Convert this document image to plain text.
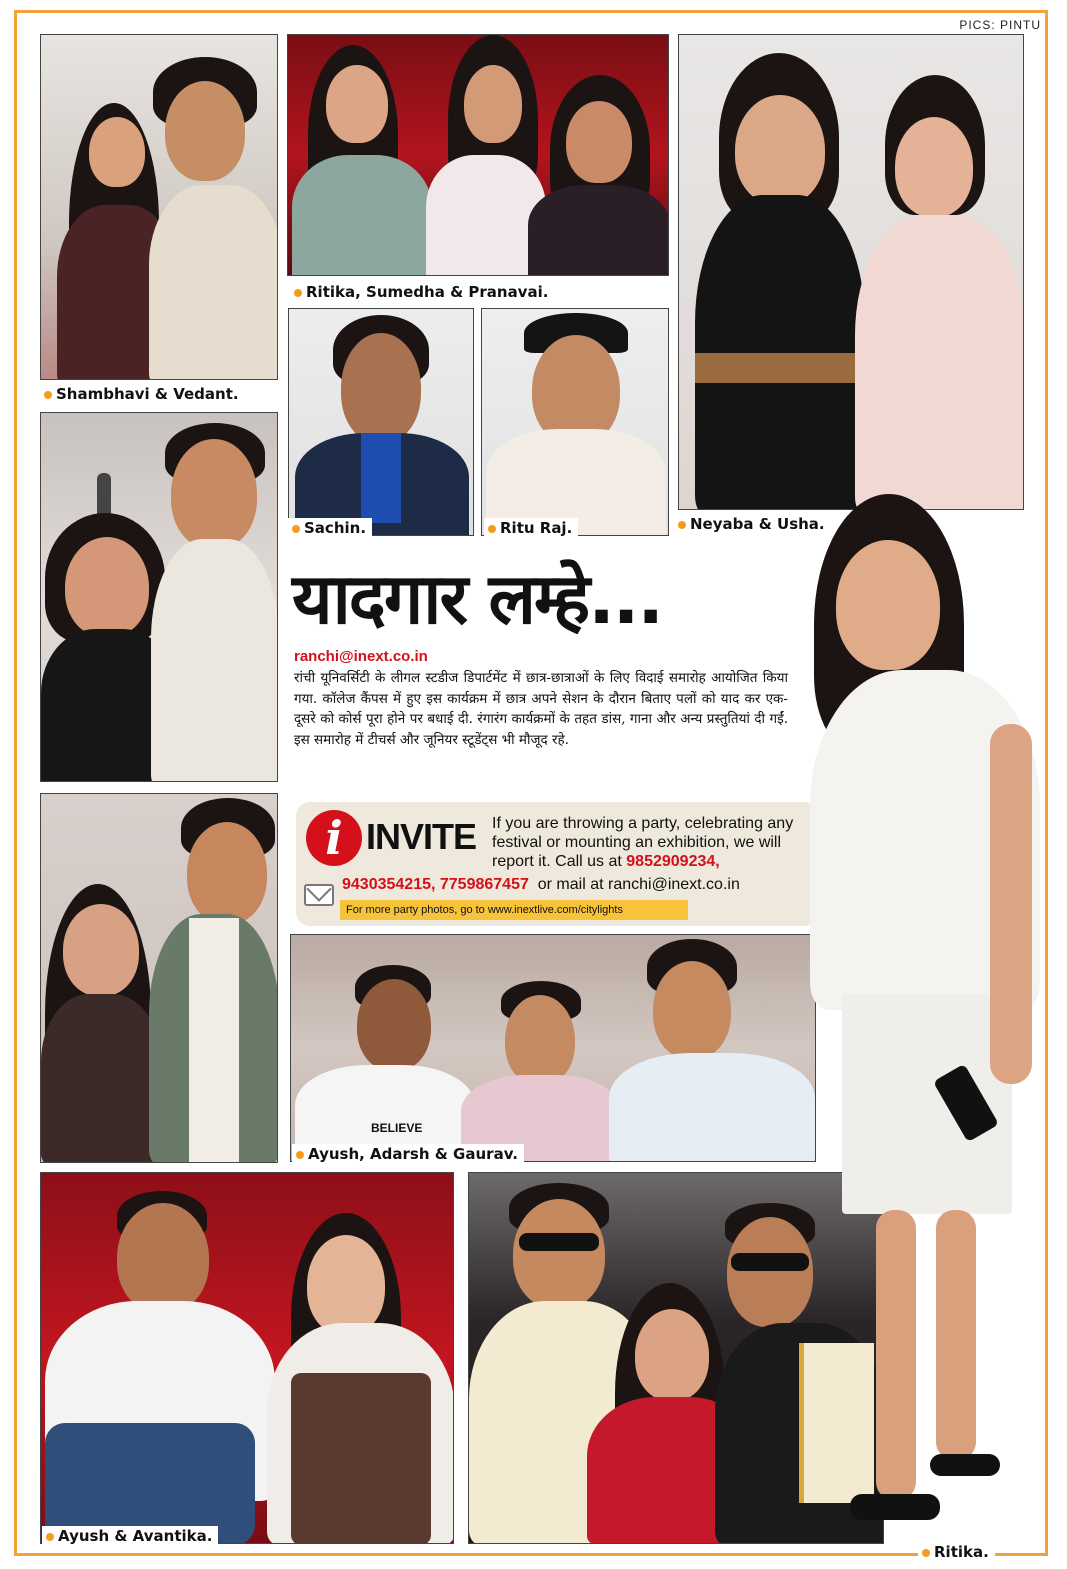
PICS: PINTU
Shambhavi & Vedant.
Ritika, Sumedha & Pranavai.
Neyaba & Usha.
Sachin.	Ritu Raj.
यादगार लम्हे...
ranchi@inext.co.in
रांची यूनिवर्सिटी के लीगल स्टडीज डिपार्टमेंट में छात्र-छात्राओं के लिए विदाई समारोह आयोजित किया गया. कॉलेज कैंपस में हुए इस कार्यक्रम में छात्र अपने सेशन के दौरान बिताए पलों को याद कर एक-दूसरे को कोर्स पूरा होने पर बधाई दी. रंगारंग कार्यक्रमों के तहत डांस, गाना और अन्य प्रस्तुतियां दी गईं. इस समारोह में टीचर्स और जूनियर स्टूडेंट्स भी मौजूद रहे.
i INVITE If you are throwing a party, celebrating any festival or mounting an exhibition, we will report it. Call us at 9852909234,
9430354215, 7759867457 or mail at ranchi@inext.co.in
For more party photos, go to www.inextlive.com/citylights
BELIEVE
Ayush, Adarsh & Gaurav.
Ayush & Avantika.
Ritika.
